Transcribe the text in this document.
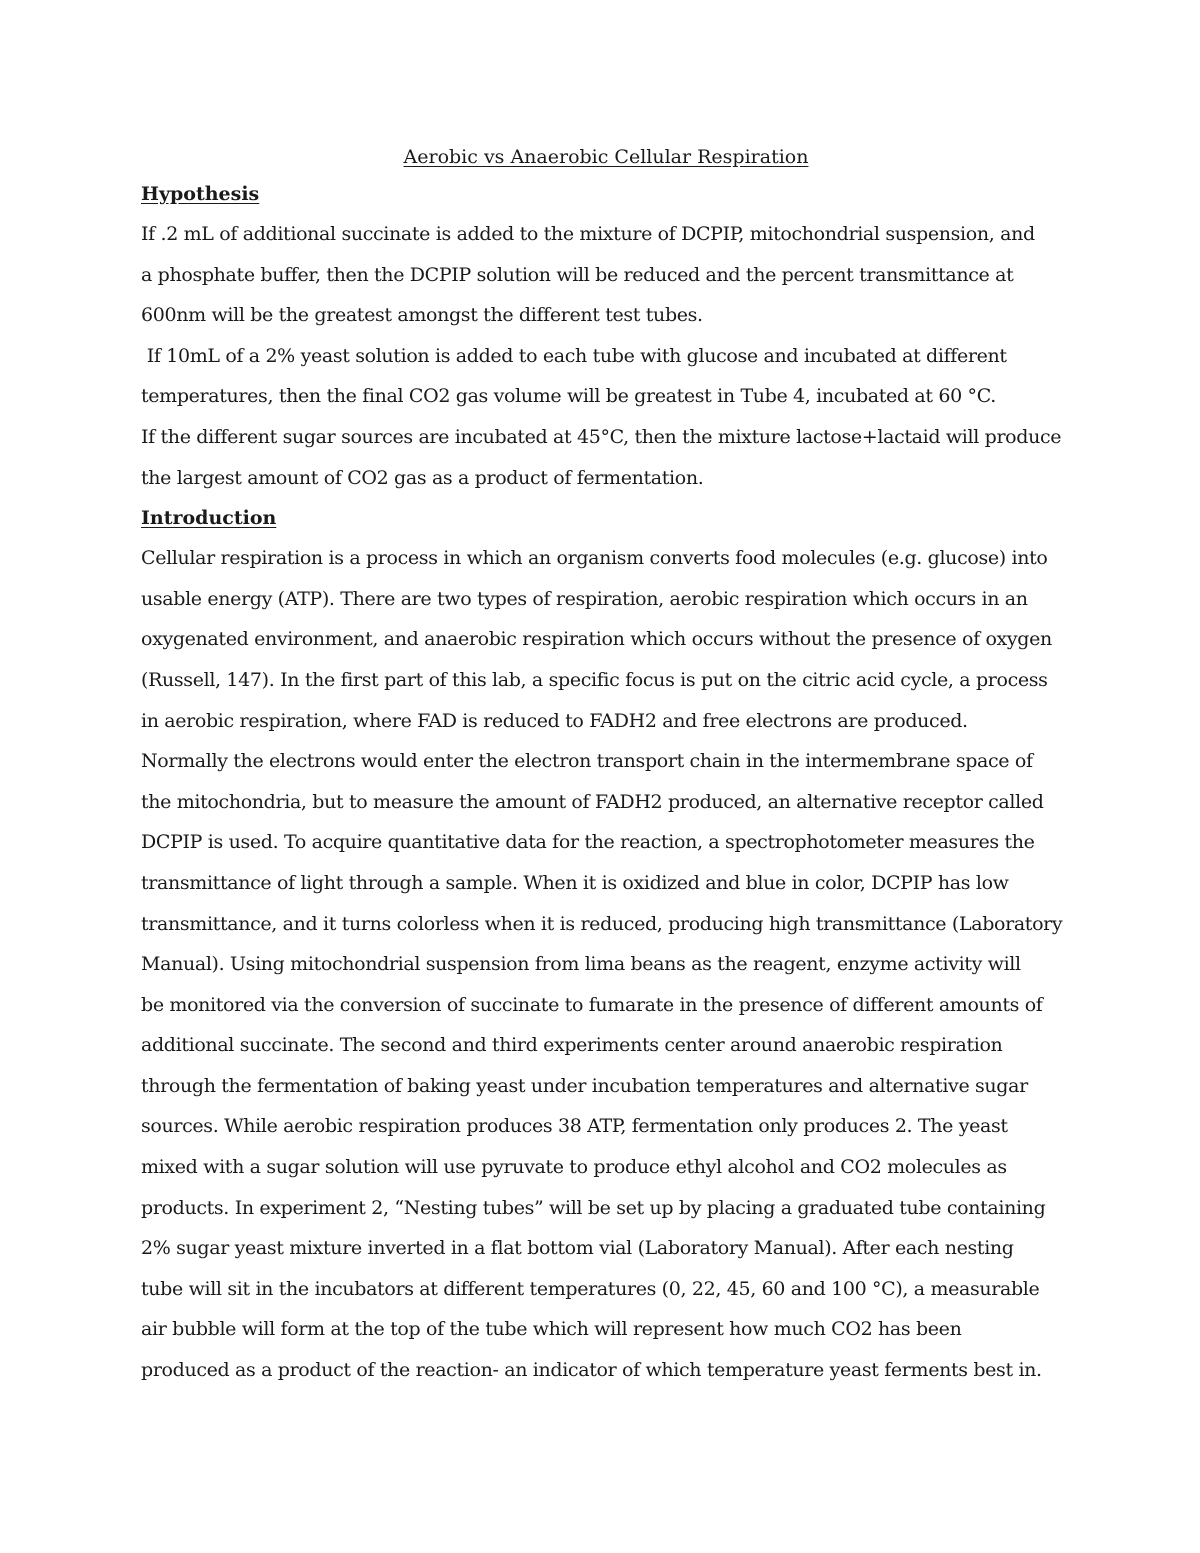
Aerobic vs Anaerobic Cellular Respiration
Hypothesis

If .2 mL of additional succinate is added to the mixture of DCPIP, mitochondrial suspension, and

a phosphate buffer, then the DCPIP solution will be reduced and the percent transmittance at

600nm will be the greatest amongst the different test tubes.

If 10mL of a 2% yeast solution is added to each tube with glucose and incubated at different

temperatures, then the final CO2 gas volume will be greatest in Tube 4, incubated at 60 °C.

If the different sugar sources are incubated at 45°C, then the mixture lactose+lactaid will produce

the largest amount of CO2 gas as a product of fermentation.

Introduction

Cellular respiration is a process in which an organism converts food molecules (e.g. glucose) into

usable energy (ATP). There are two types of respiration, aerobic respiration which occurs in an

oxygenated environment, and anaerobic respiration which occurs without the presence of oxygen

(Russell, 147). In the first part of this lab, a specific focus is put on the citric acid cycle, a process

in aerobic respiration, where FAD is reduced to FADH2 and free electrons are produced.

Normally the electrons would enter the electron transport chain in the intermembrane space of

the mitochondria, but to measure the amount of FADH2 produced, an alternative receptor called

DCPIP is used. To acquire quantitative data for the reaction, a spectrophotometer measures the

transmittance of light through a sample. When it is oxidized and blue in color, DCPIP has low

transmittance, and it turns colorless when it is reduced, producing high transmittance (Laboratory

Manual). Using mitochondrial suspension from lima beans as the reagent, enzyme activity will

be monitored via the conversion of succinate to fumarate in the presence of different amounts of

additional succinate. The second and third experiments center around anaerobic respiration

through the fermentation of baking yeast under incubation temperatures and alternative sugar

sources. While aerobic respiration produces 38 ATP, fermentation only produces 2. The yeast

mixed with a sugar solution will use pyruvate to produce ethyl alcohol and CO2 molecules as

products. In experiment 2, “Nesting tubes” will be set up by placing a graduated tube containing

2% sugar yeast mixture inverted in a flat bottom vial (Laboratory Manual). After each nesting

tube will sit in the incubators at different temperatures (0, 22, 45, 60 and 100 °C), a measurable

air bubble will form at the top of the tube which will represent how much CO2 has been

produced as a product of the reaction- an indicator of which temperature yeast ferments best in.
